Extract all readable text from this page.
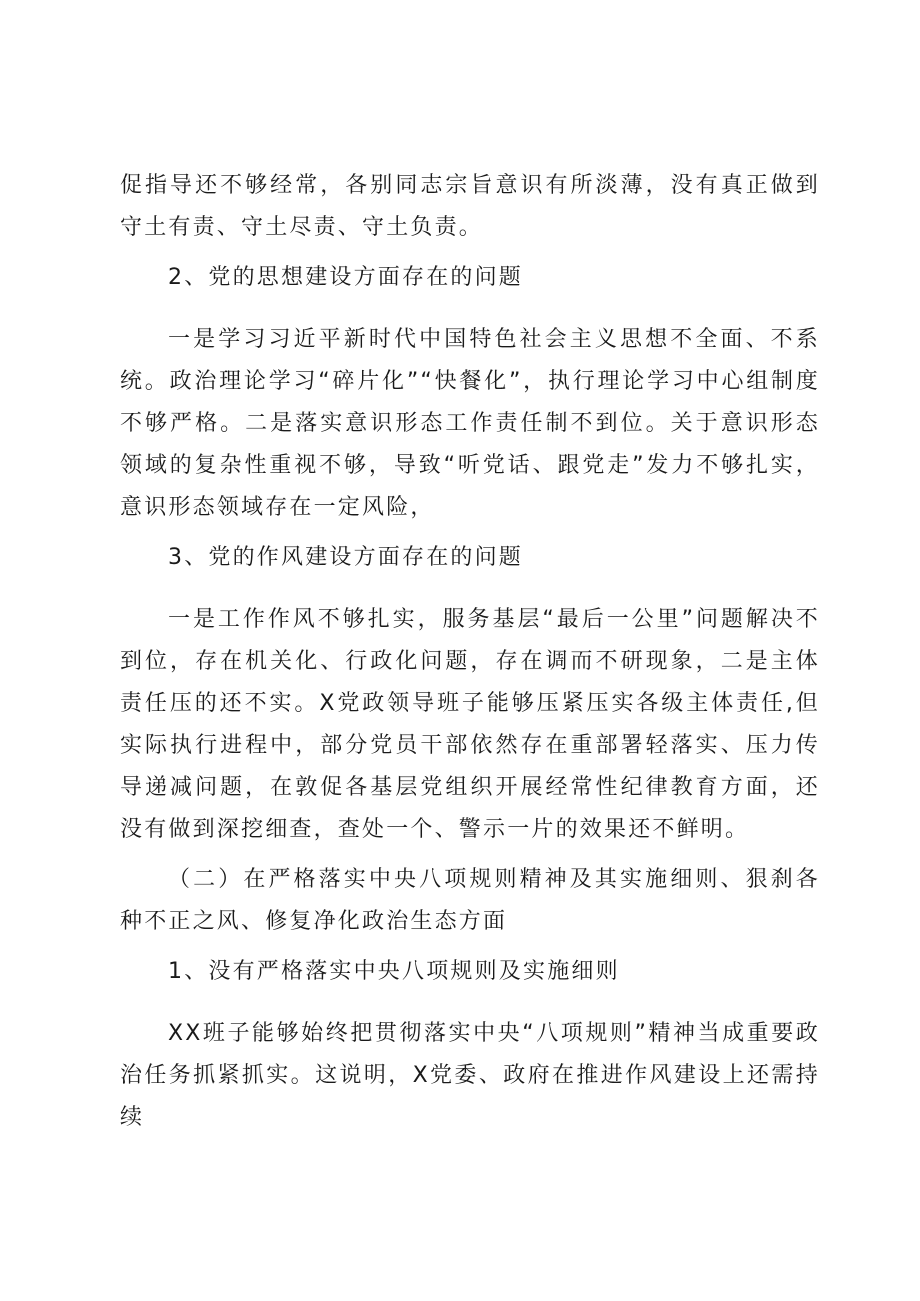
促指导还不够经常，各别同志宗旨意识有所淡薄，没有真正做到守土有责、守土尽责、守土负责。

2、党的思想建设方面存在的问题

一是学习习近平新时代中国特色社会主义思想不全面、不系统。政治理论学习“碎片化”“快餐化”，执行理论学习中心组制度不够严格。二是落实意识形态工作责任制不到位。关于意识形态领域的复杂性重视不够，导致“听党话、跟党走”发力不够扎实，意识形态领域存在一定风险，

3、党的作风建设方面存在的问题

一是工作作风不够扎实，服务基层“最后一公里”问题解决不到位，存在机关化、行政化问题，存在调而不研现象，二是主体责任压的还不实。X党政领导班子能够压紧压实各级主体责任,但实际执行进程中，部分党员干部依然存在重部署轻落实、压力传导递减问题，在敦促各基层党组织开展经常性纪律教育方面，还没有做到深挖细查，查处一个、警示一片的效果还不鲜明。

（二）在严格落实中央八项规则精神及其实施细则、狠刹各种不正之风、修复净化政治生态方面

1、没有严格落实中央八项规则及实施细则

XX班子能够始终把贯彻落实中央“八项规则”精神当成重要政治任务抓紧抓实。这说明，X党委、政府在推进作风建设上还需持续
